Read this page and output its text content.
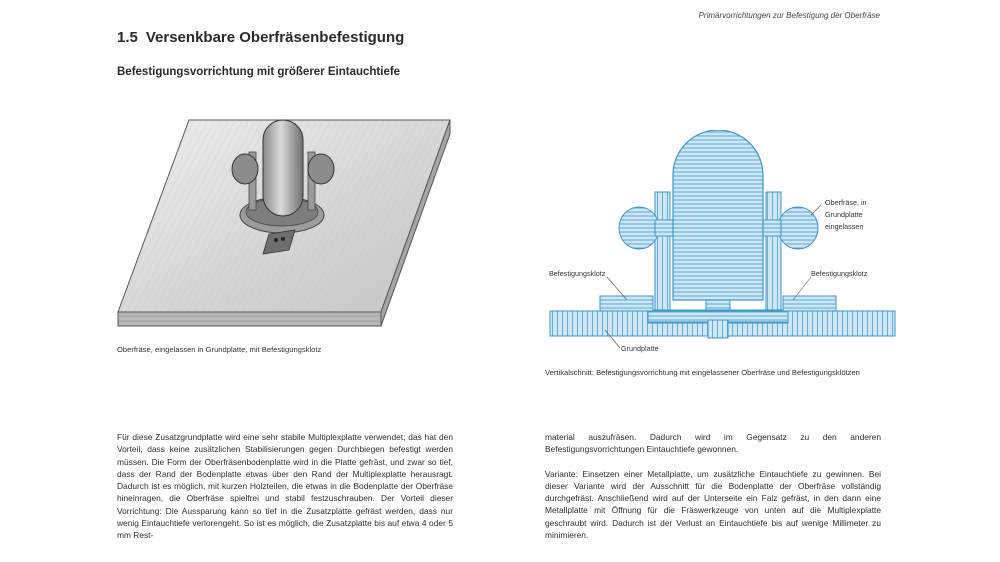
Primärvorrichtungen zur Befestigung der Oberfräse
1.5 Versenkbare Oberfräsenbefestigung
Befestigungsvorrichtung mit größerer Eintauchtiefe
Oberfräse, eingelassen in Grundplatte, mit Befestigungsklotz
Oberfräse, in
Grundplatte
eingelassen
Befestigungsklotz	Befestigungsklotz
Grundplatte
Vertikalschnitt: Befestigungsvorrichtung mit eingelassener Oberfräse und Befestigungsklötzen

Für diese Zusatzgrundplatte wird eine sehr stabile Multiplexplatte verwendet; das hat den Vorteil, dass keine zusätzlichen Stabilisierungen gegen Durchbiegen befestigt werden müssen. Die Form der Oberfräsenbodenplatte wird in die Platte gefräst, und zwar so tief, dass der Rand der Bodenplatte etwas über den Rand der Multiplexplatte herausragt. Dadurch ist es möglich, mit kurzen Holzteilen, die etwas in die Bodenplatte der Oberfräse hineinragen, die Oberfräse spielfrei und stabil festzuschrauben. Der Vorteil dieser Vorrichtung: Die Aussparung kann so tief in die Zusatzplatte gefräst werden, dass nur wenig Eintauchtiefe verlorengeht. So ist es möglich, die Zusatzplatte bis auf etwa 4 oder 5 mm Rest-

material auszufräsen. Dadurch wird im Gegensatz zu den anderen Befestigungsvorrichtungen Eintauchtiefe gewonnen.

Variante: Einsetzen einer Metallplatte, um zusätzliche Eintauchtiefe zu gewinnen. Bei dieser Variante wird der Ausschnitt für die Bodenplatte der Oberfräse vollständig durchgefräst. Anschließend wird auf der Unterseite ein Falz gefräst, in den dann eine Metallplatte mit Öffnung für die Fräswerkzeuge von unten auf die Multiplexplatte geschraubt wird. Dadurch ist der Verlust an Eintauchtiefe bis auf wenige Millimeter zu minimieren.
